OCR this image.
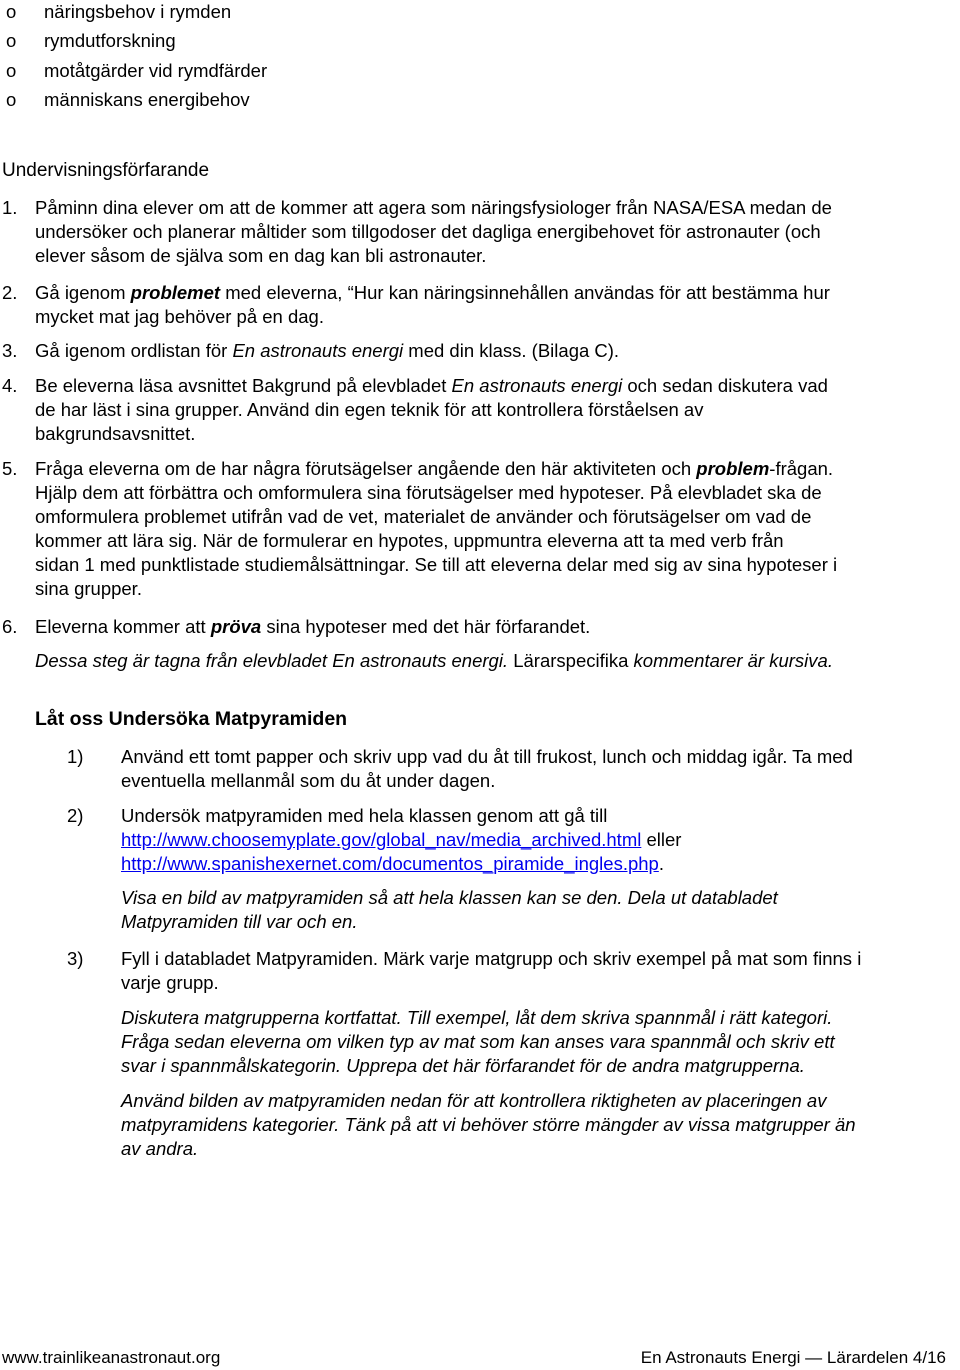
o näringsbehov i rymden
o rymdutforskning
o motåtgärder vid rymdfärder
o människans energibehov
Undervisningsförfarande
1. Påminn dina elever om att de kommer att agera som näringsfysiologer från NASA/ESA medan de
undersöker och planerar måltider som tillgodoser det dagliga energibehovet för astronauter (och
elever såsom de själva som en dag kan bli astronauter.
2. Gå igenom problemet med eleverna, “Hur kan näringsinnehållen användas för att bestämma hur
mycket mat jag behöver på en dag.
3. Gå igenom ordlistan för En astronauts energi med din klass. (Bilaga C).
4. Be eleverna läsa avsnittet Bakgrund på elevbladet En astronauts energi och sedan diskutera vad
de har läst i sina grupper. Använd din egen teknik för att kontrollera förståelsen av
bakgrundsavsnittet.
5. Fråga eleverna om de har några förutsägelser angående den här aktiviteten och problem-frågan.
Hjälp dem att förbättra och omformulera sina förutsägelser med hypoteser. På elevbladet ska de
omformulera problemet utifrån vad de vet, materialet de använder och förutsägelser om vad de
kommer att lära sig. När de formulerar en hypotes, uppmuntra eleverna att ta med verb från
sidan 1 med punktlistade studiemålsättningar. Se till att eleverna delar med sig av sina hypoteser i
sina grupper.
6. Eleverna kommer att pröva sina hypoteser med det här förfarandet.
Dessa steg är tagna från elevbladet En astronauts energi. Lärarspecifika kommentarer är kursiva.
Låt oss Undersöka Matpyramiden
1) Använd ett tomt papper och skriv upp vad du åt till frukost, lunch och middag igår. Ta med
eventuella mellanmål som du åt under dagen.
2) Undersök matpyramiden med hela klassen genom att gå till
http://www.choosemyplate.gov/global_nav/media_archived.html eller
http://www.spanishexernet.com/documentos_piramide_ingles.php.
Visa en bild av matpyramiden så att hela klassen kan se den. Dela ut databladet
Matpyramiden till var och en.
3) Fyll i databladet Matpyramiden. Märk varje matgrupp och skriv exempel på mat som finns i
varje grupp.
Diskutera matgrupperna kortfattat. Till exempel, låt dem skriva spannmål i rätt kategori.
Fråga sedan eleverna om vilken typ av mat som kan anses vara spannmål och skriv ett
svar i spannmålskategorin. Upprepa det här förfarandet för de andra matgrupperna.
Använd bilden av matpyramiden nedan för att kontrollera riktigheten av placeringen av
matpyramidens kategorier. Tänk på att vi behöver större mängder av vissa matgrupper än
av andra.
www.trainlikeanastronaut.org	En Astronauts Energi — Lärardelen 4/16
